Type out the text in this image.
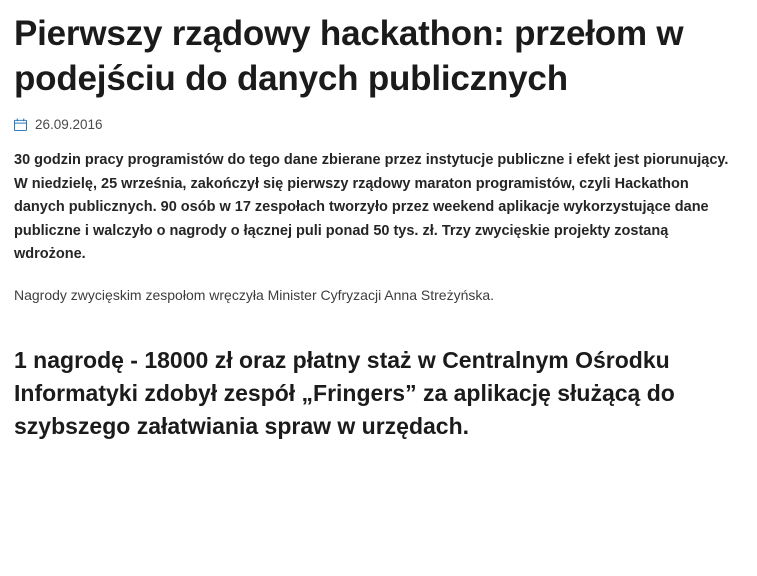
Pierwszy rządowy hackathon: przełom w podejściu do danych publicznych
26.09.2016

30 godzin pracy programistów do tego dane zbierane przez instytucje publiczne i efekt jest piorunujący. W niedzielę, 25 września, zakończył się pierwszy rządowy maraton programistów, czyli Hackathon danych publicznych. 90 osób w 17 zespołach tworzyło przez weekend aplikacje wykorzystujące dane publiczne i walczyło o nagrody o łącznej puli ponad 50 tys. zł. Trzy zwycięskie projekty zostaną wdrożone.

Nagrody zwycięskim zespołom wręczyła Minister Cyfryzacji Anna Streżyńska.

1 nagrodę - 18000 zł oraz płatny staż w Centralnym Ośrodku Informatyki zdobył zespół „Fringers” za aplikację służącą do szybszego załatwiania spraw w urzędach.
